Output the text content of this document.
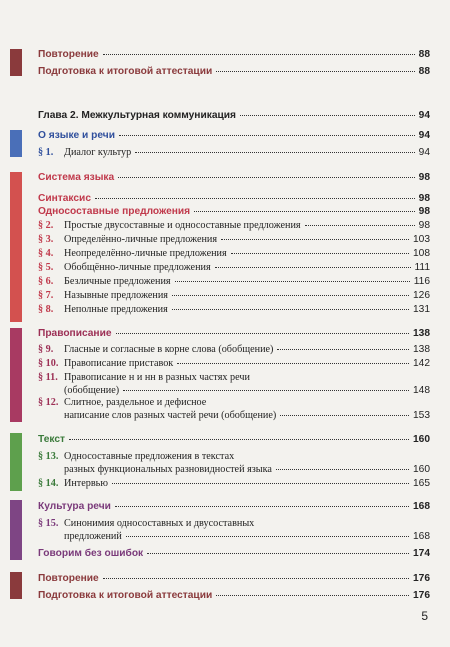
Повторение	88
Подготовка к итоговой аттестации	88
Глава 2. Межкультурная коммуникация	94
О языке и речи	94
§ 1.	Диалог культур	94
Система языка	98
Синтаксис	98
Односоставные предложения	98
§ 2.	Простые двусоставные и односоставные предложения	98
§ 3.	Определённо-личные предложения	103
§ 4.	Неопределённо-личные предложения	108
§ 5.	Обобщённо-личные предложения	111
§ 6.	Безличные предложения	116
§ 7.	Назывные предложения	126
§ 8.	Неполные предложения	131
Правописание	138
§ 9.	Гласные и согласные в корне слова (обобщение)	138
§ 10. Правописание приставок	142
§ 11. Правописание н и нн в разных частях речи
(обобщение)	148
§ 12. Слитное, раздельное и дефисное
написание слов разных частей речи (обобщение)	153
Текст	160
§ 13. Односоставные предложения в текстах
разных функциональных разновидностей языка	160
§ 14. Интервью	165
Культура речи	168
§ 15. Синонимия односоставных и двусоставных
предложений	168
Говорим без ошибок	174
Повторение	176
Подготовка к итоговой аттестации	176
5
